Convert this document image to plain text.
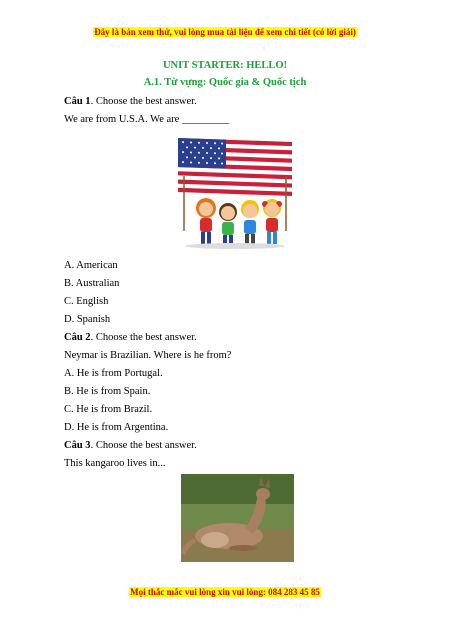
Đây là bản xem thử, vui lòng mua tài liệu để xem chi tiết (có lời giải)
UNIT STARTER: HELLO!
A.1. Từ vựng: Quốc gia & Quốc tịch
Câu 1. Choose the best answer.
We are from U.S.A. We are _________
A. American
B. Australian
C. English
D. Spanish
Câu 2. Choose the best answer.
Neymar is Brazilian. Where is he from?
A. He is from Portugal.
B. He is from Spain.
C. He is from Brazil.
D. He is from Argentina.
Câu 3. Choose the best answer.
This kangaroo lives in...
Mọi thắc mắc vui lòng xin vui lòng: 084 283 45 85
